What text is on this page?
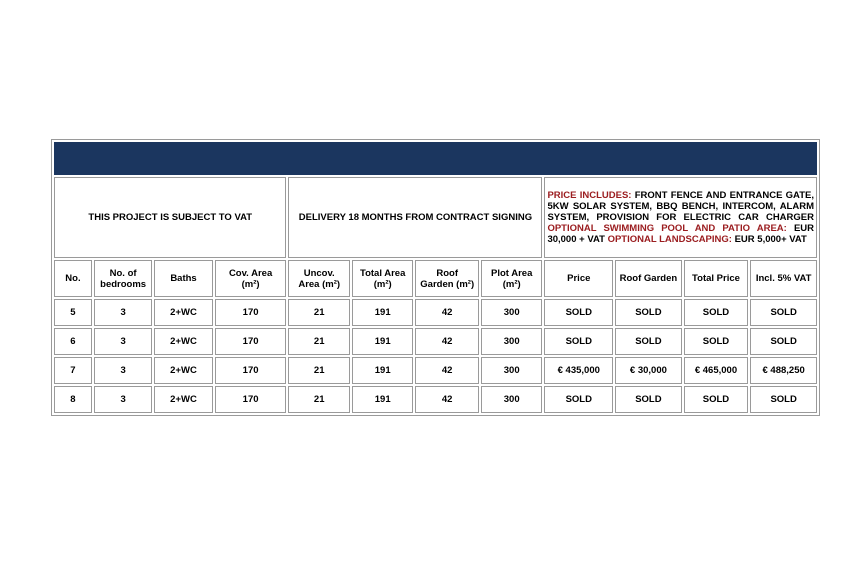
THIS PROJECT IS SUBJECT TO VAT				DELIVERY 18 MONTHS FROM CONTRACT SIGNING				PRICE INCLUDES: FRONT FENCE AND ENTRANCE GATE, 5KW SOLAR SYSTEM, BBQ BENCH, INTERCOM, ALARM SYSTEM, PROVISION FOR ELECTRIC CAR CHARGER OPTIONAL SWIMMING POOL AND PATIO AREA: EUR 30,000 + VAT OPTIONAL LANDSCAPING: EUR 5,000+ VAT			
No.	No. of bedrooms	Baths	Cov. Area (m²)	Uncov. Area (m²)	Total Area (m²)	Roof Garden (m²)	Plot Area (m²)	Price	Roof Garden	Total Price	Incl. 5% VAT
5	3	2+WC	170	21	191	42	300	SOLD	SOLD	SOLD	SOLD
6	3	2+WC	170	21	191	42	300	SOLD	SOLD	SOLD	SOLD
7	3	2+WC	170	21	191	42	300	€ 435,000	€ 30,000	€ 465,000	€ 488,250
8	3	2+WC	170	21	191	42	300	SOLD	SOLD	SOLD	SOLD
